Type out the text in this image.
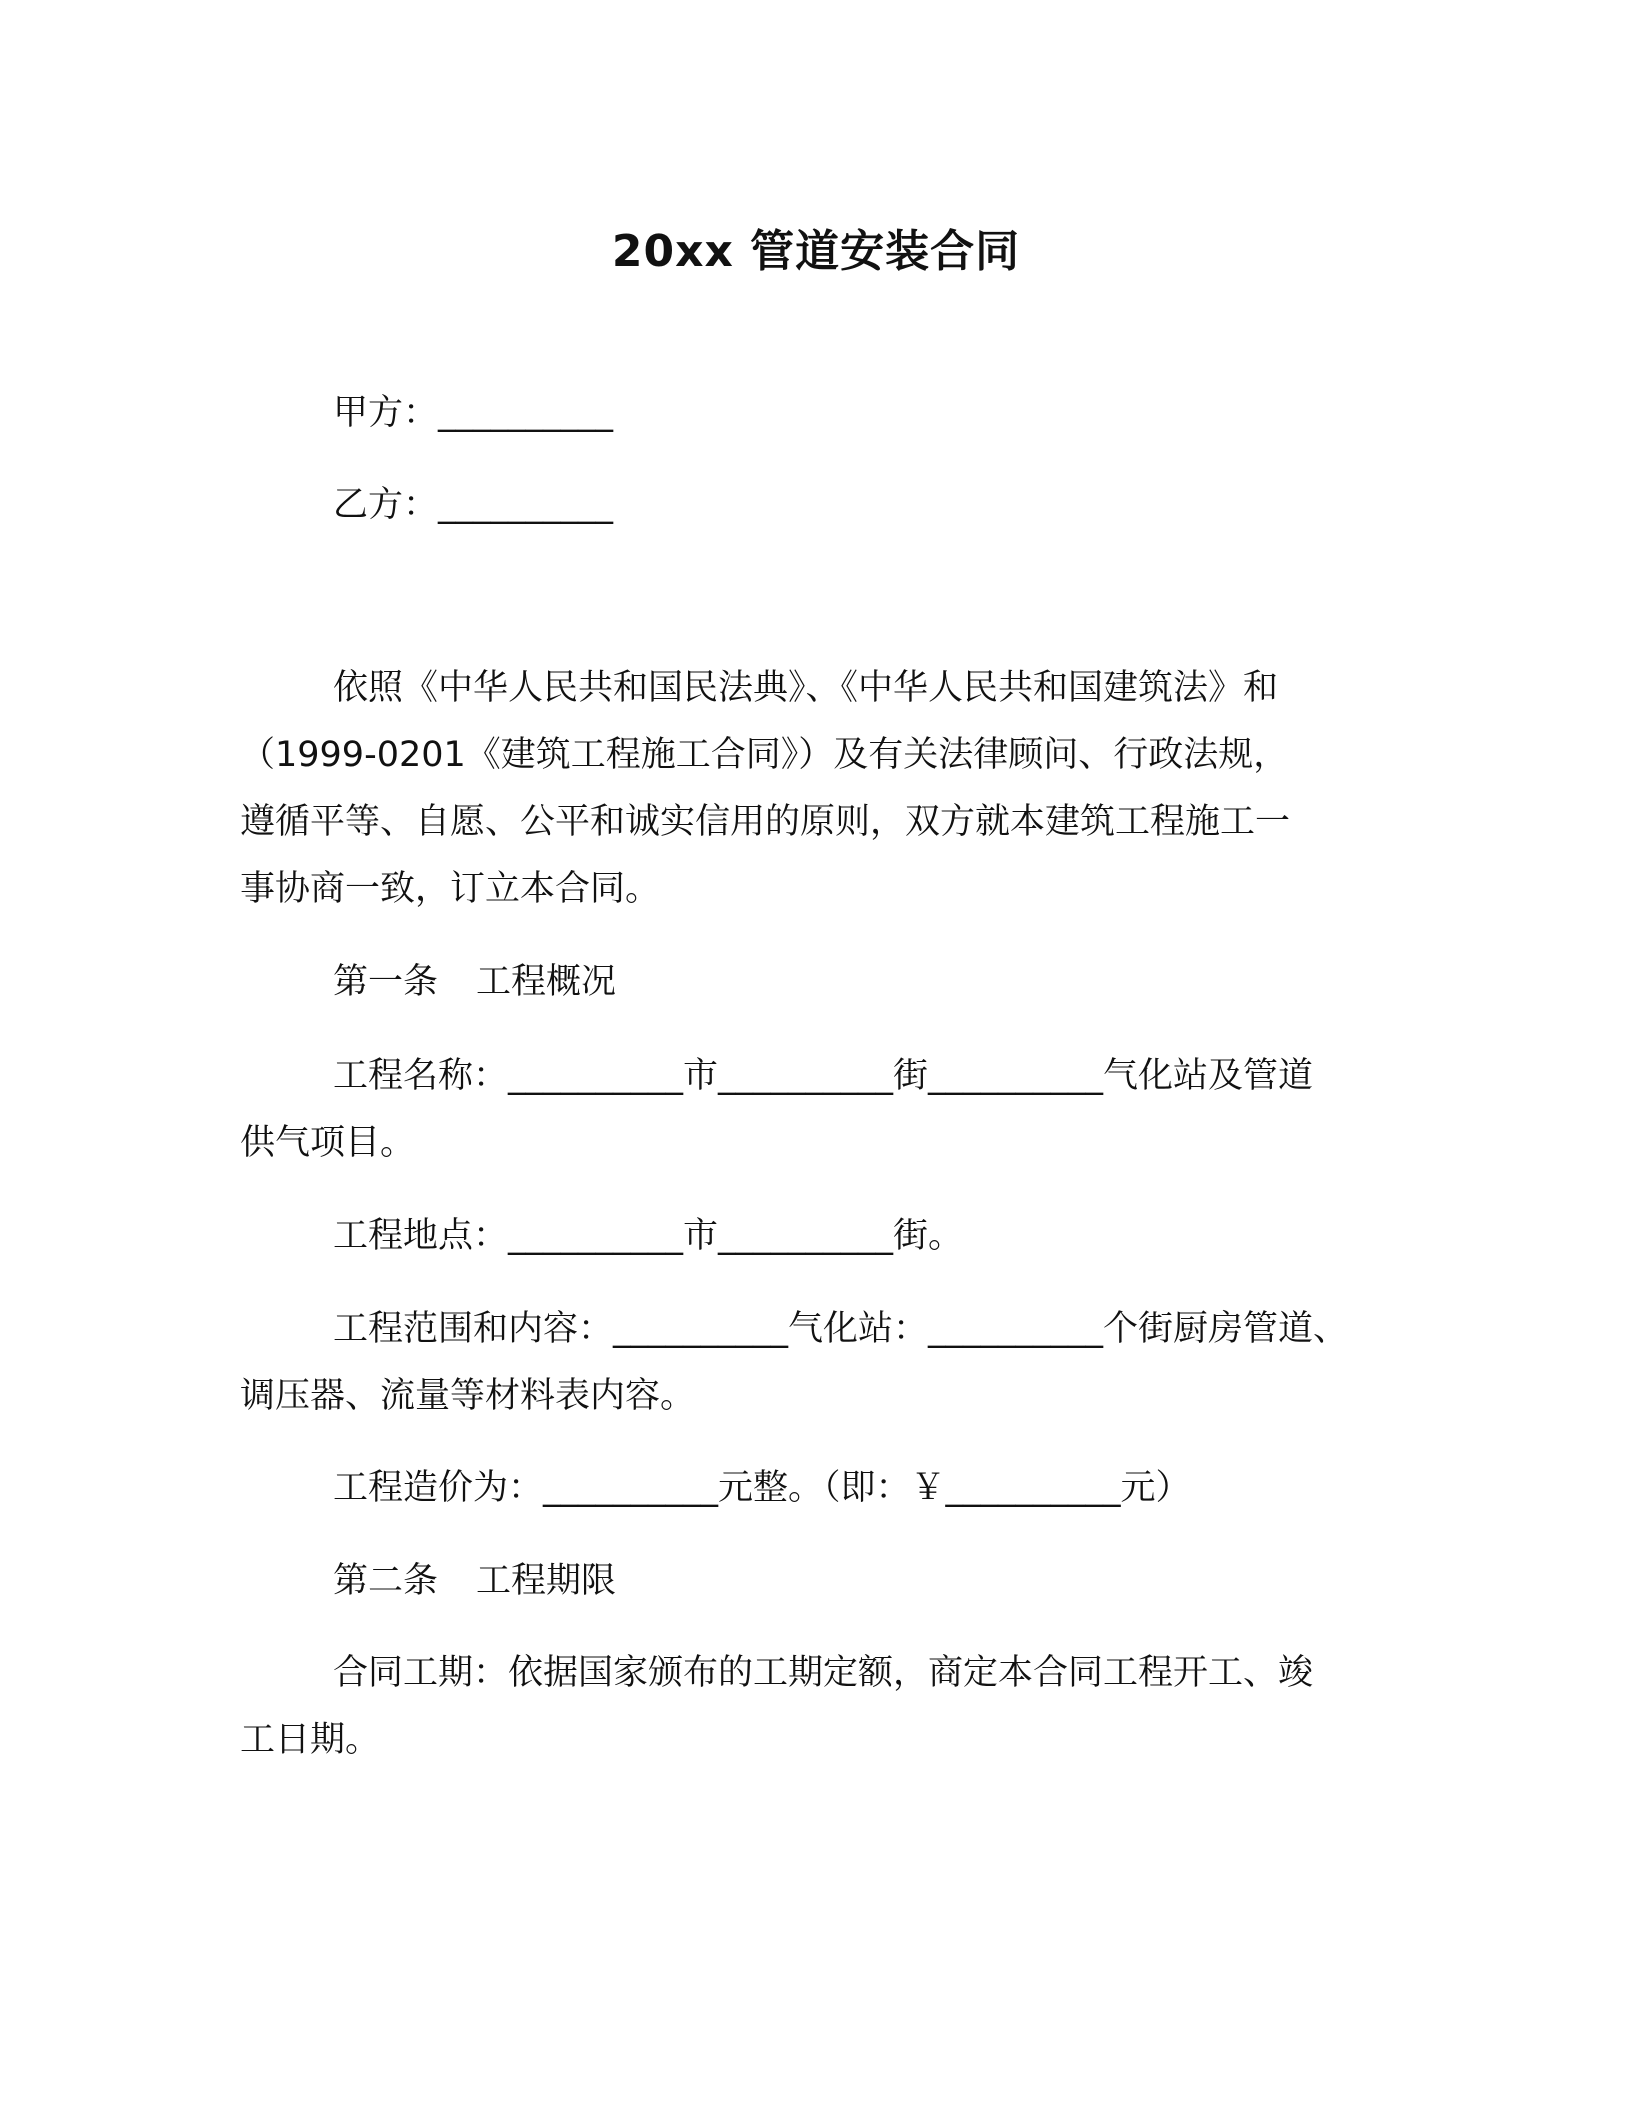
20xx 管道安装合同
甲方：__________
乙方：__________
依照《中华人民共和国民法典》、《中华人民共和国建筑法》和
（1999-0201《建筑工程施工合同》）及有关法律顾问、行政法规，
遵循平等、自愿、公平和诚实信用的原则，双方就本建筑工程施工一
事协商一致，订立本合同。
第一条 工程概况
工程名称：__________市__________街__________气化站及管道
供气项目。
工程地点：__________市__________街。
工程范围和内容：__________气化站：__________个街厨房管道、
调压器、流量等材料表内容。
工程造价为：__________元整。（即：￥__________元）
第二条 工程期限
合同工期：依据国家颁布的工期定额，商定本合同工程开工、竣
工日期。
